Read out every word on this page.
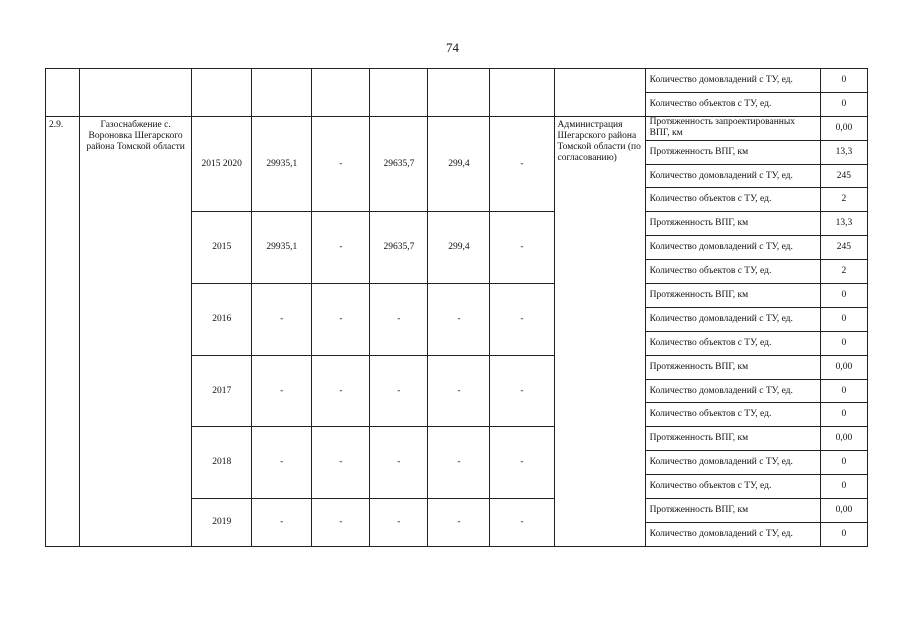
74
									Количество домовладений с ТУ, ед.	0
									Количество объектов с ТУ, ед.	0
2.9.	Газоснабжение с. Вороновка Шегарского района Томской области	2015 2020	29935,1	-	29635,7	299,4	-	Администрация Шегарского района Томской области (по согласованию)	Протяженность запроектированных ВПГ, км	0,00
									Протяженность ВПГ, км	13,3
									Количество домовладений с ТУ, ед.	245
									Количество объектов с ТУ, ед.	2
		2015	29935,1	-	29635,7	299,4	-		Протяженность ВПГ, км	13,3
									Количество домовладений с ТУ, ед.	245
									Количество объектов с ТУ, ед.	2
		2016	-	-	-	-	-		Протяженность ВПГ, км	0
									Количество домовладений с ТУ, ед.	0
									Количество объектов с ТУ, ед.	0
		2017	-	-	-	-	-		Протяженность ВПГ, км	0,00
									Количество домовладений с ТУ, ед.	0
									Количество объектов с ТУ, ед.	0
		2018	-	-	-	-	-		Протяженность ВПГ, км	0,00
									Количество домовладений с ТУ, ед.	0
									Количество объектов с ТУ, ед.	0
		2019	-	-	-	-	-		Протяженность ВПГ, км	0,00
									Количество домовладений с ТУ, ед.	0
